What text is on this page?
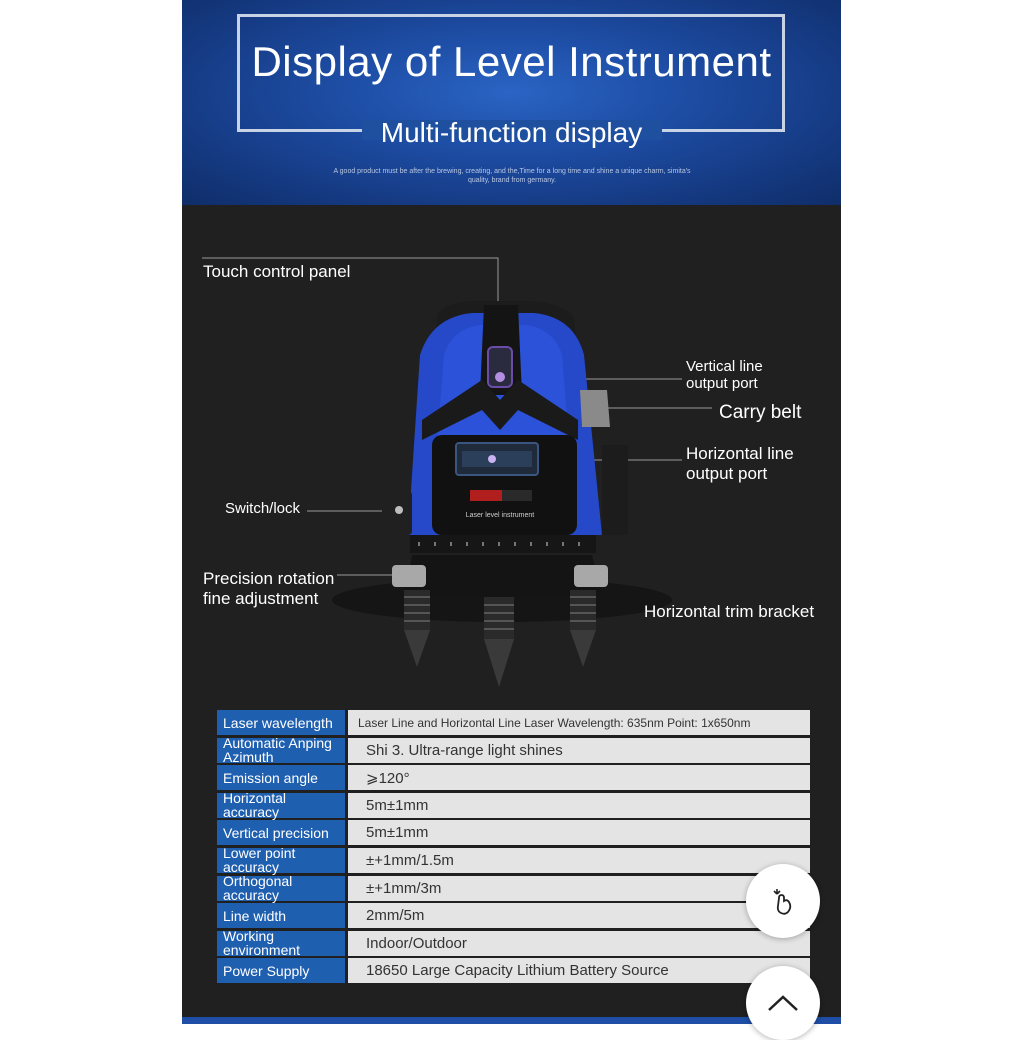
Display of Level Instrument
Multi-function display
A good product must be after the brewing, creating, and the,Time for a long time and shine a unique charm, simita's quality, brand from germany.
Laser level instrument
Touch control panel
Vertical line output port
Carry belt
Horizontal line output port
Switch/lock
Precision rotation fine adjustment
Horizontal trim bracket
Laser wavelength	Laser Line and Horizontal Line Laser Wavelength: 635nm Point: 1x650nm
Automatic Anping Azimuth	Shi 3. Ultra-range light shines
Emission angle	⩾120°
Horizontal accuracy	5m±1mm
Vertical precision	5m±1mm
Lower point accuracy	±+1mm/1.5m
Orthogonal accuracy	±+1mm/3m
Line width	2mm/5m
Working environment	Indoor/Outdoor
Power Supply	18650 Large Capacity Lithium Battery Source
